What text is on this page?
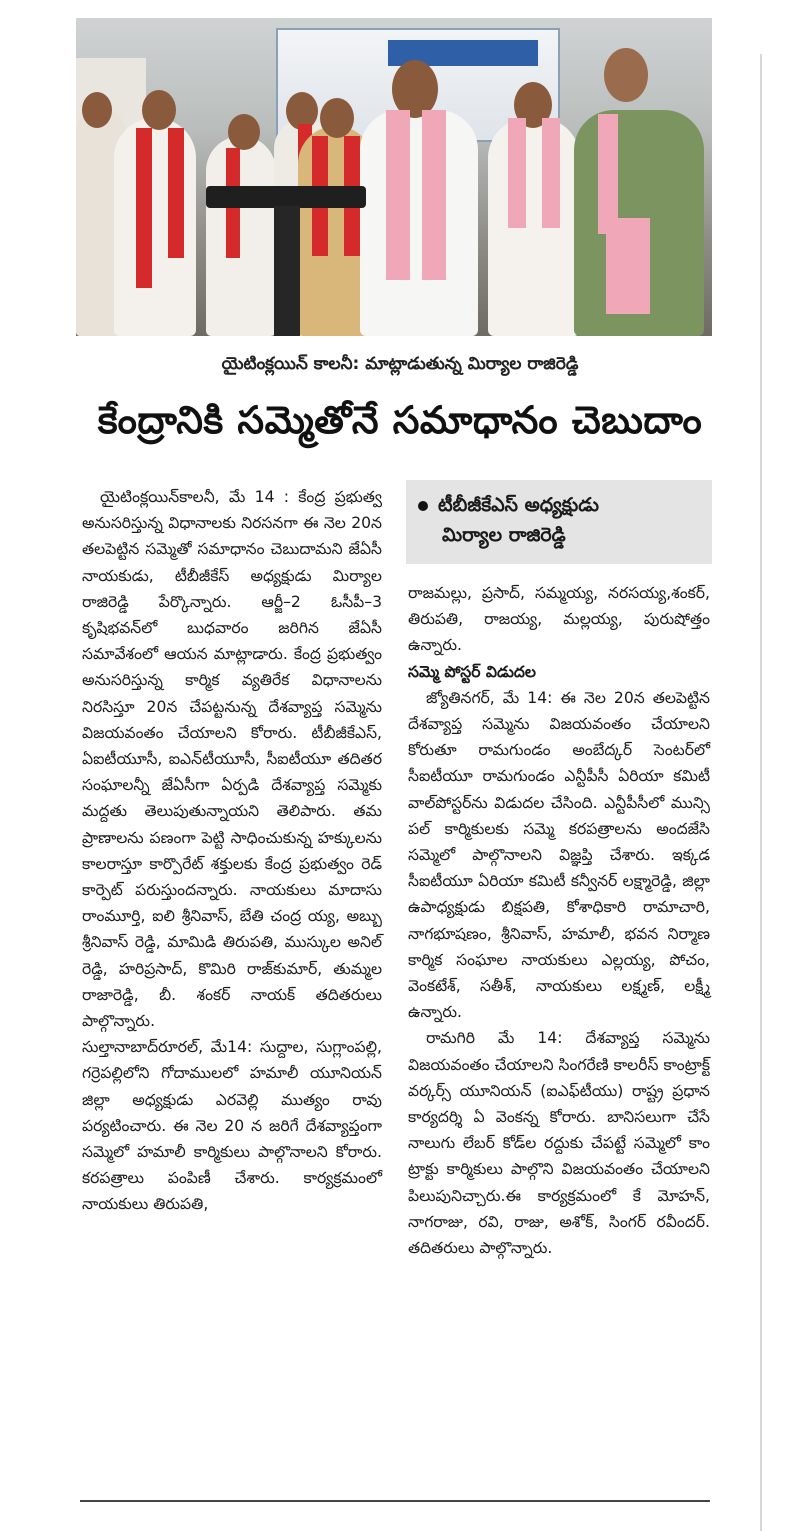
యైటింక్లయిన్‌ కాలనీ: మాట్లాడుతున్న మిర్యాల రాజిరెడ్డి
కేంద్రానికి సమ్మెతోనే సమాధానం చెబుదాం

యైటింక్లయిన్‌కాలనీ, మే 14 : కేంద్ర ప్రభుత్వ అనుసరిస్తున్న విధానాలకు నిరసనగా ఈ నెల 20న తలపెట్టిన సమ్మెతో సమాధానం చెబుదామని జేఏసీ నాయకుడు, టీబీజీకేస్‌ అధ్యక్షుడు మిర్యాల రాజిరెడ్డి పేర్కొన్నారు. ఆర్జీ–2 ఓసీపీ–3 కృషిభవన్‌లో బుధవారం జరిగిన జేఏసీ సమావేశంలో ఆయన మాట్లాడారు. కేంద్ర ప్రభుత్వం అనుసరిస్తున్న కార్మిక వ్యతిరేక విధానాలను నిరసిస్తూ 20న చేపట్టనున్న దేశవ్యాప్త సమ్మెను విజయవంతం చేయాలని కోరారు. టీబీజీకేఎస్, ఏఐటీయూసీ, ఐఎన్‌టీయూసీ, సీఐటీయూ తదితర సంఘాలన్నీ జేఏసీగా ఏర్పడి దేశవ్యాప్త సమ్మెకు మద్దతు తెలుపుతున్నాయని తెలిపారు. తమ ప్రాణాలను పణంగా పెట్టి సాధించుకున్న హక్కులను కాలరాస్తూ కార్పొరేట్‌ శక్తులకు కేంద్ర ప్రభుత్వం రెడ్‌ కార్పెట్‌ పరుస్తుందన్నారు. నాయకులు మాదాసు రాంమూర్తి, ఐలి శ్రీనివాస్, బేతి చంద్ర య్య, అబ్బు శ్రీనివాస్‌ రెడ్డి, మామిడి తిరుపతి, ముస్కుల అనిల్‌ రెడ్డి, హరిప్రసాద్, కొమిరి రాజ్‌కుమార్, తుమ్మల రాజారెడ్డి, బీ. శంకర్‌ నాయక్‌ తదితరులు పాల్గొన్నారు.

సుల్తానాబాద్‌రూరల్, మే14: సుద్దాల, సుగ్లాంపల్లి, గర్రెపల్లిలోని గోదాములలో హమాలీ యూనియన్‌ జిల్లా అధ్యక్షుడు ఎరవెల్లి ముత్యం రావు పర్యటించారు. ఈ నెల 20 న జరిగే దేశవ్యాప్తంగా సమ్మెలో హమాలీ కార్మికులు పాల్గొనాలని కోరారు. కరపత్రాలు పంపిణీ చేశారు. కార్యక్రమంలో నాయకులు తిరుపతి,

టీబీజీకేఎస్‌ అధ్యక్షుడు
మిర్యాల రాజిరెడ్డి

రాజమల్లు, ప్రసాద్, సమ్మయ్య, నరసయ్య,శంకర్, తిరుపతి, రాజయ్య, మల్లయ్య, పురుషోత్తం ఉన్నారు.

సమ్మె పోస్టర్‌ విడుదల

జ్యోతినగర్, మే 14: ఈ నెల 20న తలపెట్టిన దేశవ్యాప్త సమ్మెను విజయవంతం చేయాలని కోరుతూ రామగుండం అంబేద్కర్‌ సెంటర్‌లో సీఐటీయూ రామగుండం ఎన్టీపీసీ ఏరియా కమిటీ వాల్‌పోస్టర్‌ను విడుదల చేసింది. ఎన్టీపీసీలో మున్సి పల్‌ కార్మికులకు సమ్మె కరపత్రాలను అందజేసి సమ్మెలో పాల్గొనాలని విజ్ఞప్తి చేశారు. ఇక్కడ సీఐటీయూ ఏరియా కమిటీ కన్వీనర్‌ లక్ష్మారెడ్డి, జిల్లా ఉపాధ్యక్షుడు బిక్షపతి, కోశాధికారి రామాచారి, నాగభూషణం, శ్రీనివాస్, హమాలీ, భవన నిర్మాణ కార్మిక సంఘాల నాయకులు ఎల్లయ్య, పోచం, వెంకటేశ్, సతీశ్, నాయకులు లక్ష్మణ్, లక్ష్మీ ఉన్నారు.

రామగిరి మే 14: దేశవ్యాప్త సమ్మెను విజయవంతం చేయాలని సింగరేణి కాలరీస్‌ కాంట్రాక్ట్‌ వర్కర్స్‌ యూనియన్‌ (ఐఎఫ్‌టీయు) రాష్ట్ర ప్రధాన కార్యదర్శి ఏ వెంకన్న కోరారు. బానిసలుగా చేసే నాలుగు లేబర్‌ కోడ్‌ల రద్దుకు చేపట్టే సమ్మెలో కాం ట్రాక్టు కార్మికులు పాల్గొని విజయవంతం చేయాలని పిలుపునిచ్చారు.ఈ కార్యక్రమంలో కే మోహన్, నాగరాజు, రవి, రాజు, అశోక్, సింగర్‌ రవీందర్‌. తదితరులు పాల్గొన్నారు.
